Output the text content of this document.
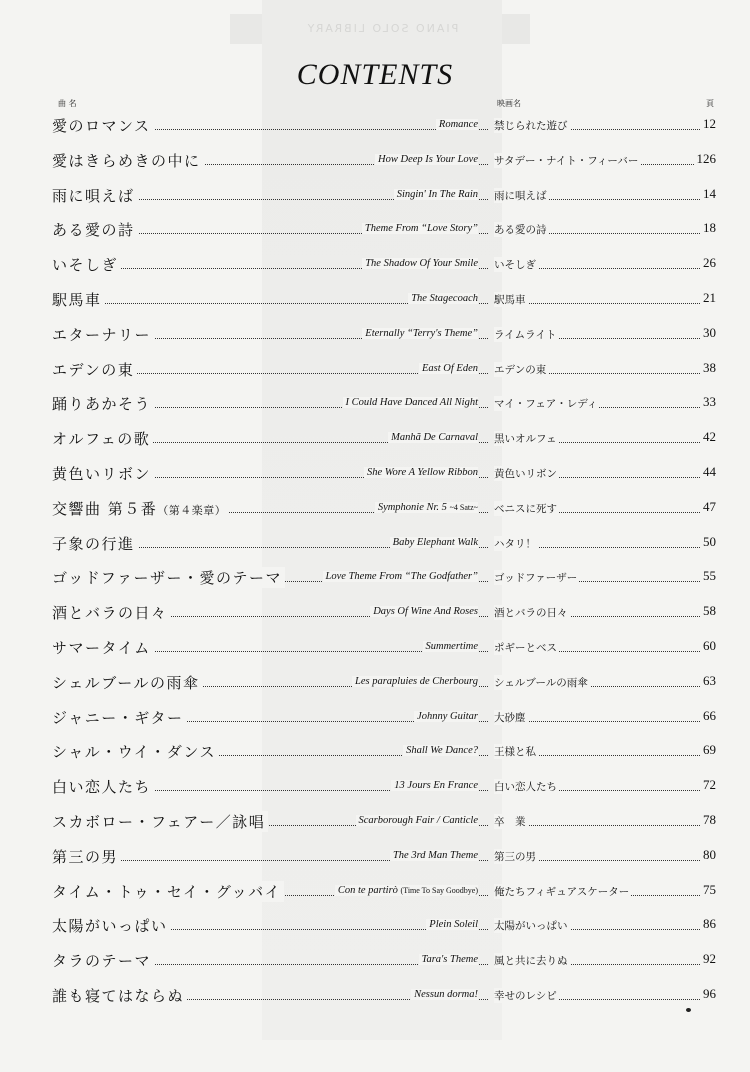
PIANO SOLO LIBRARY
CONTENTS
曲 名	映画名	頁
愛のロマンス	Romance 禁じられた遊び	12
愛はきらめきの中に	How Deep Is Your Love サタデー・ナイト・フィーバー	126
雨に唄えば	Singin' In The Rain 雨に唄えば	14
ある愛の詩	Theme From “Love Story” ある愛の詩	18
いそしぎ	The Shadow Of Your Smile いそしぎ	26
駅馬車	The Stagecoach 駅馬車	21
エターナリー	Eternally “Terry's Theme” ライムライト	30
エデンの東	East Of Eden エデンの東	38
踊りあかそう	I Could Have Danced All Night マイ・フェア・レディ	33
オルフェの歌	Manhã De Carnaval 黒いオルフェ	42
黄色いリボン	She Wore A Yellow Ribbon 黄色いリボン	44
交響曲 第５番（第４楽章）	Symphonie Nr. 5 ~4 Satz~ ベニスに死す	47
子象の行進	Baby Elephant Walk ハタリ！	50
ゴッドファーザー・愛のテーマ	Love Theme From “The Godfather” ゴッドファーザー	55
酒とバラの日々	Days Of Wine And Roses 酒とバラの日々	58
サマータイム	Summertime ポギーとベス	60
シェルブールの雨傘	Les parapluies de Cherbourg シェルブールの雨傘	63
ジャニー・ギター	Johnny Guitar 大砂塵	66
シャル・ウイ・ダンス	Shall We Dance? 王様と私	69
白い恋人たち	13 Jours En France 白い恋人たち	72
スカボロー・フェアー／詠唱	Scarborough Fair / Canticle 卒　業	78
第三の男	The 3rd Man Theme 第三の男	80
タイム・トゥ・セイ・グッバイ	Con te partirò (Time To Say Goodbye) 俺たちフィギュアスケーター	75
太陽がいっぱい	Plein Soleil 太陽がいっぱい	86
タラのテーマ	Tara's Theme 風と共に去りぬ	92
誰も寝てはならぬ	Nessun dorma! 幸せのレシピ	96
